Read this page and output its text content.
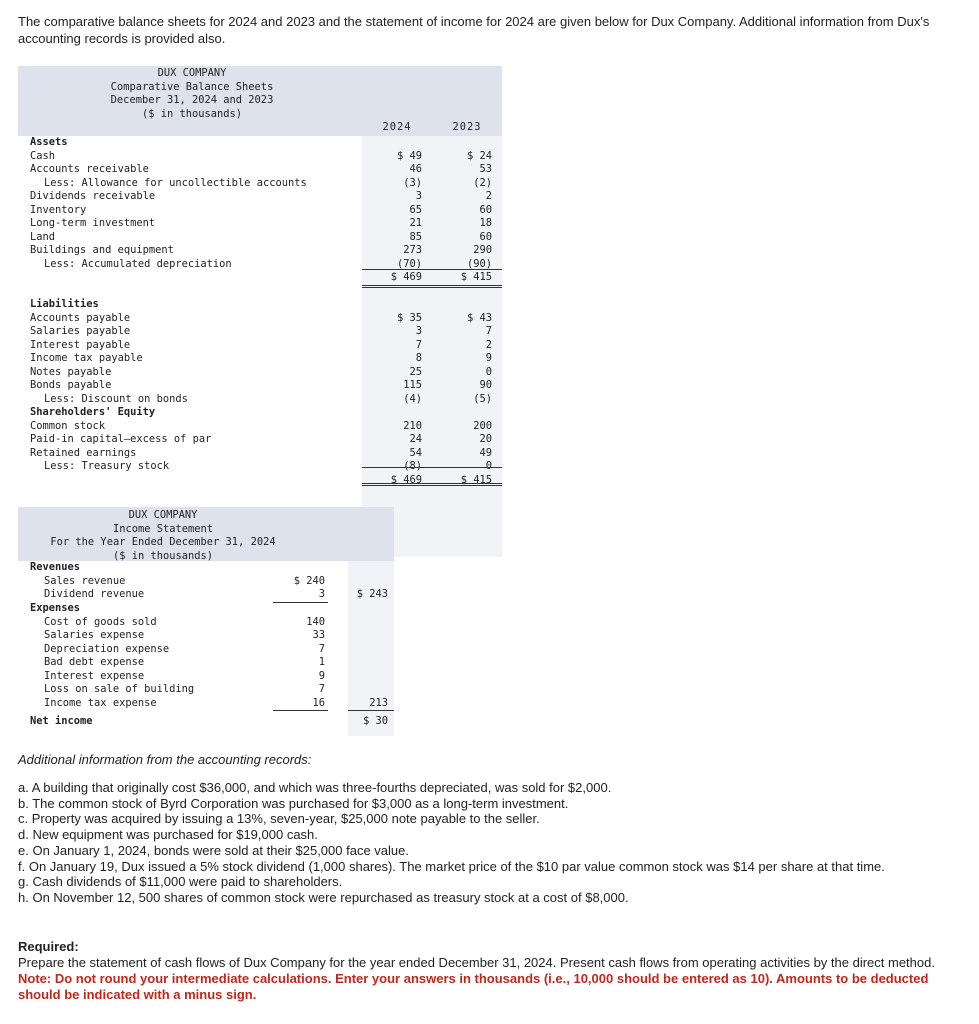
The comparative balance sheets for 2024 and 2023 and the statement of income for 2024 are given below for Dux Company. Additional information from Dux's accounting records is provided also.
DUX COMPANY
Comparative Balance Sheets
December 31, 2024 and 2023
($ in thousands)
2024	2023
Assets
Cash	$ 49	$ 24
Accounts receivable	46	53
Less: Allowance for uncollectible accounts	(3)	(2)
Dividends receivable	3	2
Inventory	65	60
Long-term investment	21	18
Land	85	60
Buildings and equipment	273	290
Less: Accumulated depreciation	(70)	(90)
$ 469	$ 415
Liabilities
Accounts payable	$ 35	$ 43
Salaries payable	3	7
Interest payable	7	2
Income tax payable	8	9
Notes payable	25	0
Bonds payable	115	90
Less: Discount on bonds	(4)	(5)
Shareholders' Equity
Common stock	210	200
Paid-in capital—excess of par	24	20
Retained earnings	54	49
Less: Treasury stock	(8)	0
$ 469	$ 415
DUX COMPANY
Income Statement
For the Year Ended December 31, 2024
($ in thousands)
Revenues
Sales revenue	$ 240
Dividend revenue	3	$ 243
Expenses
Cost of goods sold	140
Salaries expense	33
Depreciation expense	7
Bad debt expense	1
Interest expense	9
Loss on sale of building	7
Income tax expense	16	213
Net income	$ 30
Additional information from the accounting records:
a. A building that originally cost $36,000, and which was three-fourths depreciated, was sold for $2,000.
b. The common stock of Byrd Corporation was purchased for $3,000 as a long-term investment.
c. Property was acquired by issuing a 13%, seven-year, $25,000 note payable to the seller.
d. New equipment was purchased for $19,000 cash.
e. On January 1, 2024, bonds were sold at their $25,000 face value.
f. On January 19, Dux issued a 5% stock dividend (1,000 shares). The market price of the $10 par value common stock was $14 per share at that time.
g. Cash dividends of $11,000 were paid to shareholders.
h. On November 12, 500 shares of common stock were repurchased as treasury stock at a cost of $8,000.
Required:
Prepare the statement of cash flows of Dux Company for the year ended December 31, 2024. Present cash flows from operating activities by the direct method.
Note: Do not round your intermediate calculations. Enter your answers in thousands (i.e., 10,000 should be entered as 10). Amounts to be deducted should be indicated with a minus sign.
